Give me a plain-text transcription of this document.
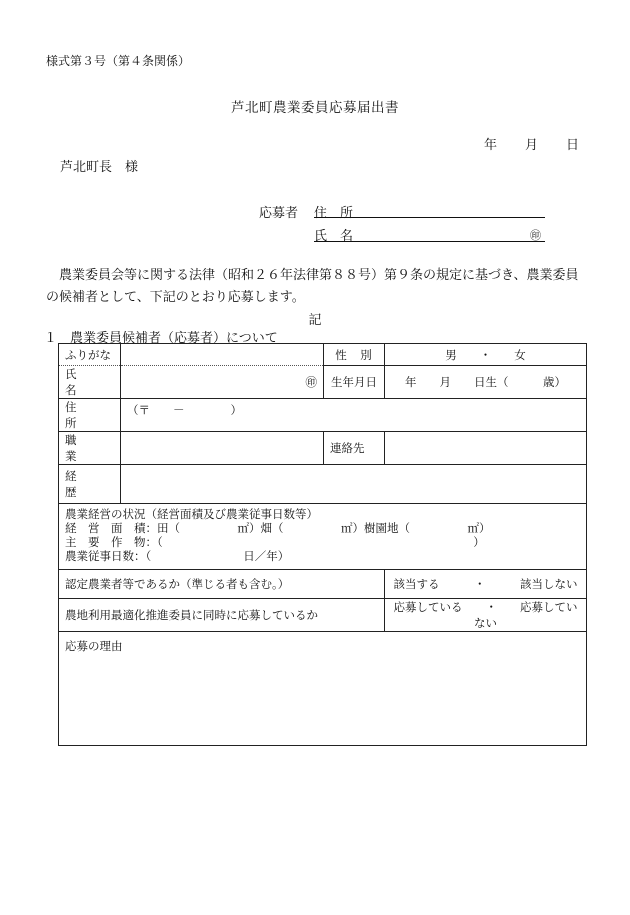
様式第３号（第４条関係）
芦北町農業委員応募届出書
年 月 日
芦北町長　様
応募者 住　所
氏　名	㊞
農業委員会等に関する法律（昭和２６年法律第８８号）第９条の規定に基づき、農業委員の候補者として、下記のとおり応募します。
記
１　農業委員候補者（応募者）について
ふりがな		性　別	男　　・　　女
氏　　名	㊞	生年月日	年　　月　　日生（　　　歳）
住　　所	（〒　　－　　　　）		
職　　業		連絡先	
経　　歴			

農業経営の状況（経営面積及び農業従事日数等）
経　営　面　積：田（　　　　　㎡）畑（　　　　　㎡）樹園地（　　　　　㎡）
主　要　作　物：（　　　　　　　　　　　　　　　　　　　　　　　　　　　）
農業従事日数：（　　　　　　　　日／年）			

認定農業者等であるか（準じる者も含む。）			該当する　　　・　　　該当しない
農地利用最適化推進委員に同時に応募しているか			応募している　　・　　応募していない
応募の理由			
